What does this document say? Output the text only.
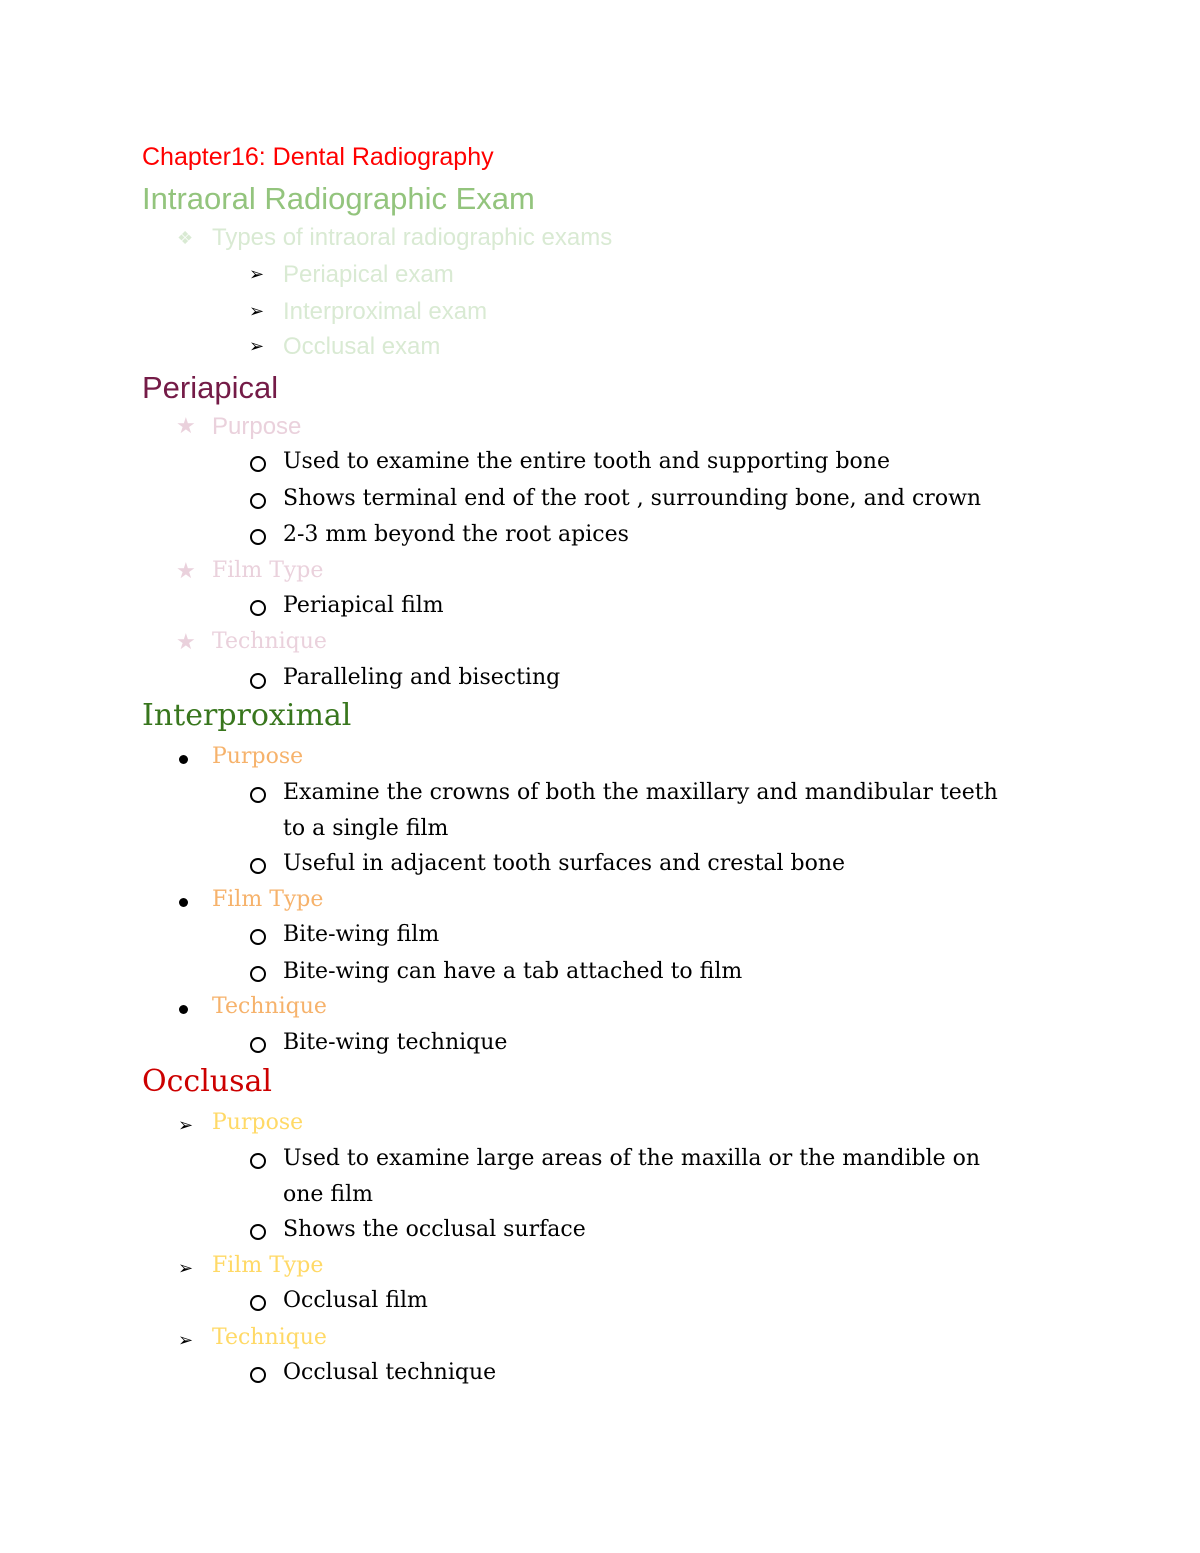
Chapter16: Dental Radiography
Intraoral Radiographic Exam
❖ Types of intraoral radiographic exams
➢ Periapical exam
➢ Interproximal exam
➢ Occlusal exam
Periapical
★ Purpose
Used to examine the entire tooth and supporting bone
Shows terminal end of the root , surrounding bone, and crown
2-3 mm beyond the root apices
★ Film Type
Periapical film
★ Technique
Paralleling and bisecting
Interproximal
Purpose
Examine the crowns of both the maxillary and mandibular teeth
to a single film
Useful in adjacent tooth surfaces and crestal bone
Film Type
Bite-wing film
Bite-wing can have a tab attached to film
Technique
Bite-wing technique
Occlusal
➢ Purpose
Used to examine large areas of the maxilla or the mandible on
one film
Shows the occlusal surface
➢ Film Type
Occlusal film
➢ Technique
Occlusal technique
